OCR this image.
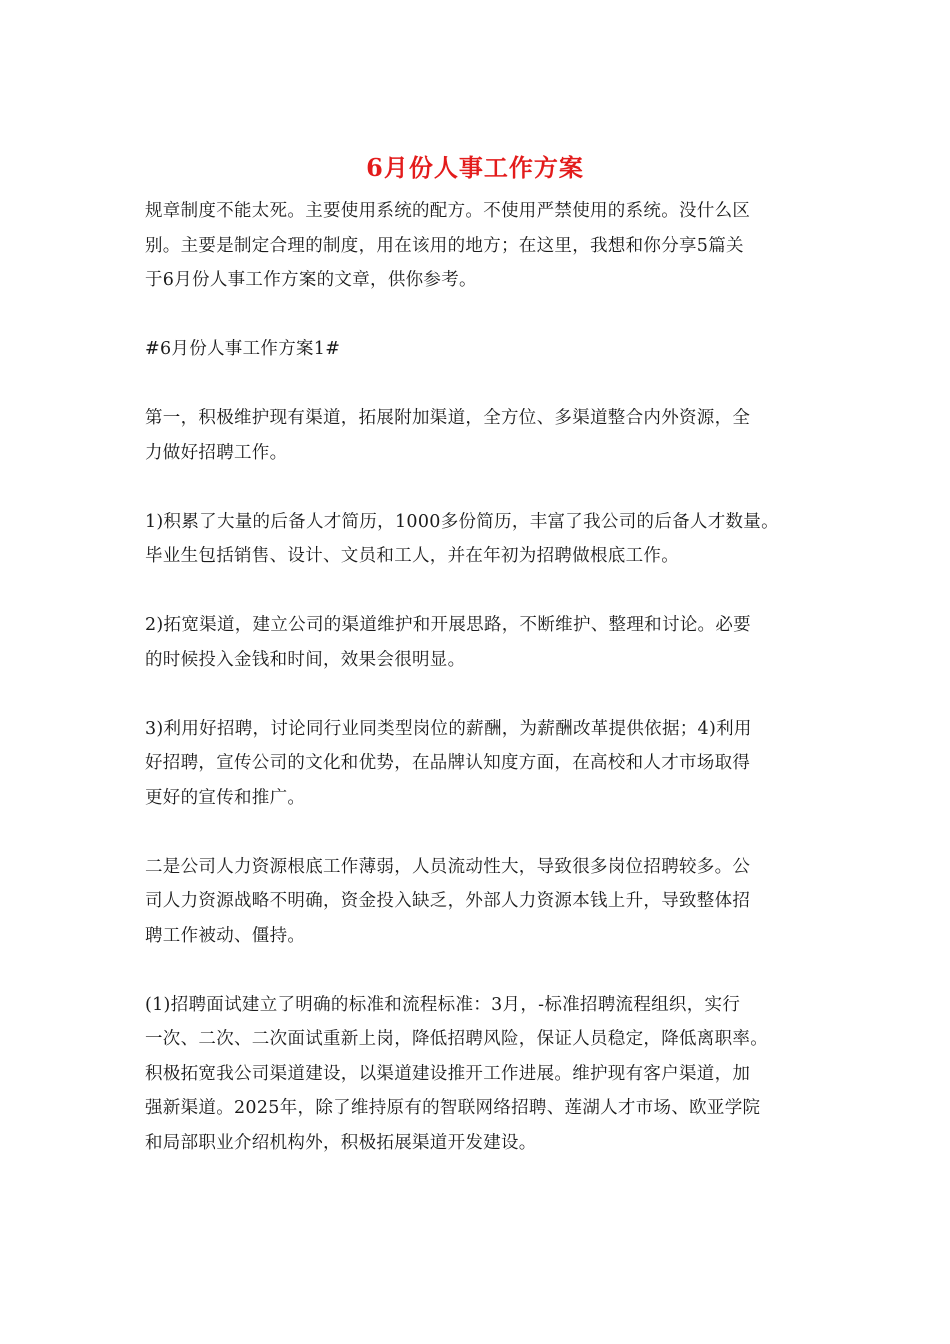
6月份人事工作方案
规章制度不能太死。主要使用系统的配方。不使用严禁使用的系统。没什么区
别。主要是制定合理的制度，用在该用的地方；在这里，我想和你分享5篇关
于6月份人事工作方案的文章，供你参考。
#6月份人事工作方案1#
第一，积极维护现有渠道，拓展附加渠道，全方位、多渠道整合内外资源，全
力做好招聘工作。
1)积累了大量的后备人才简历，1000多份简历，丰富了我公司的后备人才数量。
毕业生包括销售、设计、文员和工人，并在年初为招聘做根底工作。
2)拓宽渠道，建立公司的渠道维护和开展思路，不断维护、整理和讨论。必要
的时候投入金钱和时间，效果会很明显。
3)利用好招聘，讨论同行业同类型岗位的薪酬，为薪酬改革提供依据；4)利用
好招聘，宣传公司的文化和优势，在品牌认知度方面，在高校和人才市场取得
更好的宣传和推广。
二是公司人力资源根底工作薄弱，人员流动性大，导致很多岗位招聘较多。公
司人力资源战略不明确，资金投入缺乏，外部人力资源本钱上升，导致整体招
聘工作被动、僵持。
(1)招聘面试建立了明确的标准和流程标准：3月，-标准招聘流程组织，实行
一次、二次、二次面试重新上岗，降低招聘风险，保证人员稳定，降低离职率。
积极拓宽我公司渠道建设，以渠道建设推开工作进展。维护现有客户渠道，加
强新渠道。2025年，除了维持原有的智联网络招聘、莲湖人才市场、欧亚学院
和局部职业介绍机构外，积极拓展渠道开发建设。
